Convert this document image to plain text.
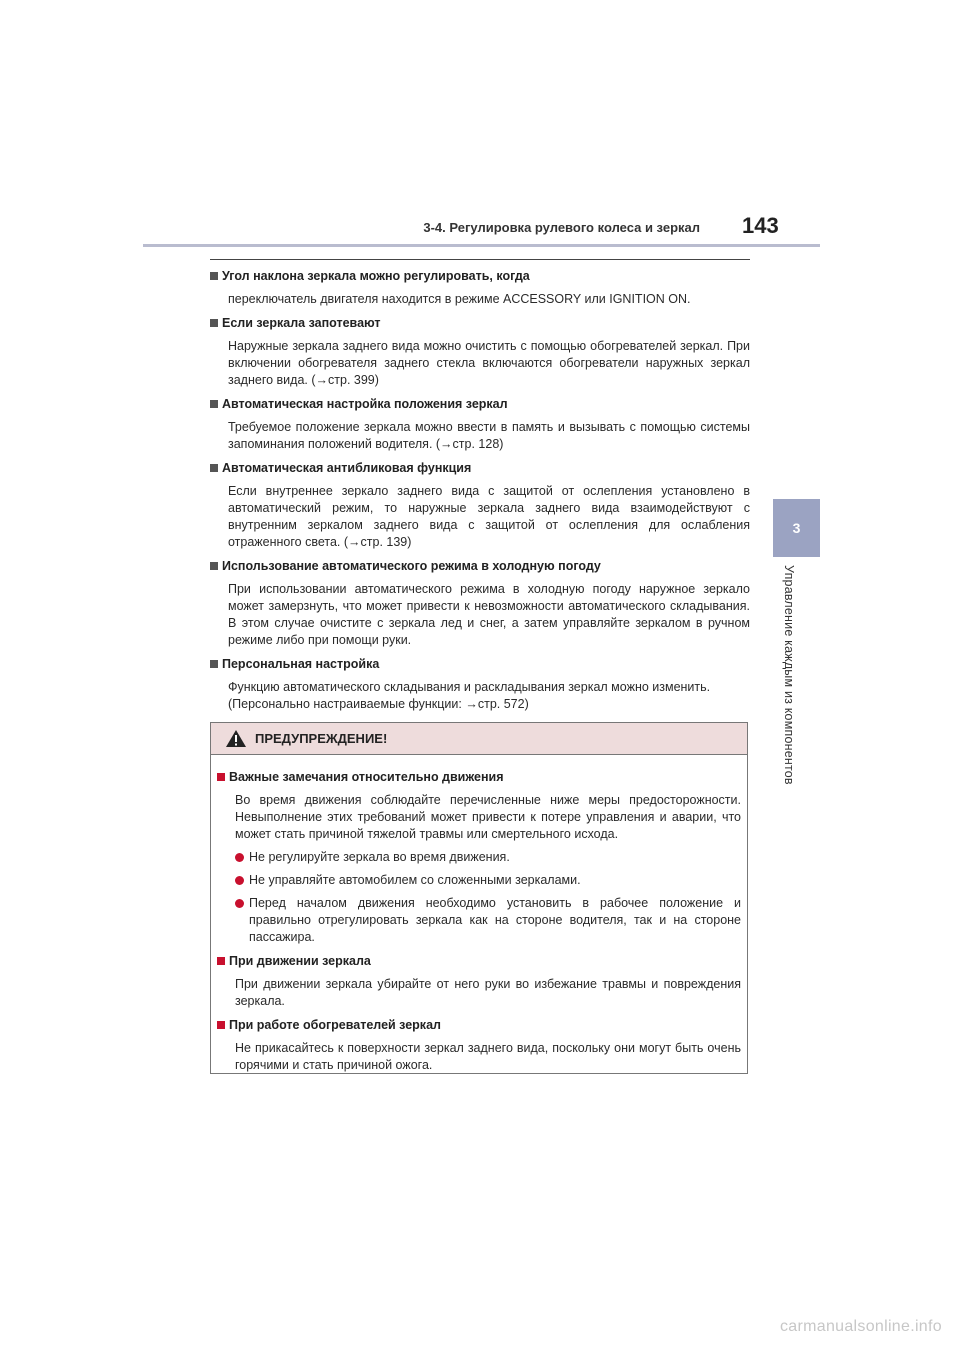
3-4. Регулировка рулевого колеса и зеркал 143
3
Управление каждым из компонентов
Угол наклона зеркала можно регулировать, когда
переключатель двигателя находится в режиме ACCESSORY или IGNITION ON.
Если зеркала запотевают
Наружные зеркала заднего вида можно очистить с помощью обогревателей зеркал. При включении обогревателя заднего стекла включаются обогреватели наружных зеркал заднего вида. (→стр. 399)
Автоматическая настройка положения зеркал
Требуемое положение зеркала можно ввести в память и вызывать с помощью системы запоминания положений водителя. (→стр. 128)
Автоматическая антибликовая функция
Если внутреннее зеркало заднего вида с защитой от ослепления установлено в автоматический режим, то наружные зеркала заднего вида взаимодействуют с внутренним зеркалом заднего вида с защитой от ослепления для ослабления отраженного света. (→стр. 139)
Использование автоматического режима в холодную погоду
При использовании автоматического режима в холодную погоду наружное зеркало может замерзнуть, что может привести к невозможности автоматического складывания. В этом случае очистите с зеркала лед и снег, а затем управляйте зеркалом в ручном режиме либо при помощи руки.
Персональная настройка
Функцию автоматического складывания и раскладывания зеркал можно изменить.
(Персонально настраиваемые функции: →стр. 572)
ПРЕДУПРЕЖДЕНИЕ!
Важные замечания относительно движения
Во время движения соблюдайте перечисленные ниже меры предосторожности. Невыполнение этих требований может привести к потере управления и аварии, что может стать причиной тяжелой травмы или смертельного исхода.
Не регулируйте зеркала во время движения.
Не управляйте автомобилем со сложенными зеркалами.
Перед началом движения необходимо установить в рабочее положение и правильно отрегулировать зеркала как на стороне водителя, так и на стороне пассажира.
При движении зеркала
При движении зеркала убирайте от него руки во избежание травмы и повреждения зеркала.
При работе обогревателей зеркал
Не прикасайтесь к поверхности зеркал заднего вида, поскольку они могут быть очень горячими и стать причиной ожога.
carmanualsonline.info
